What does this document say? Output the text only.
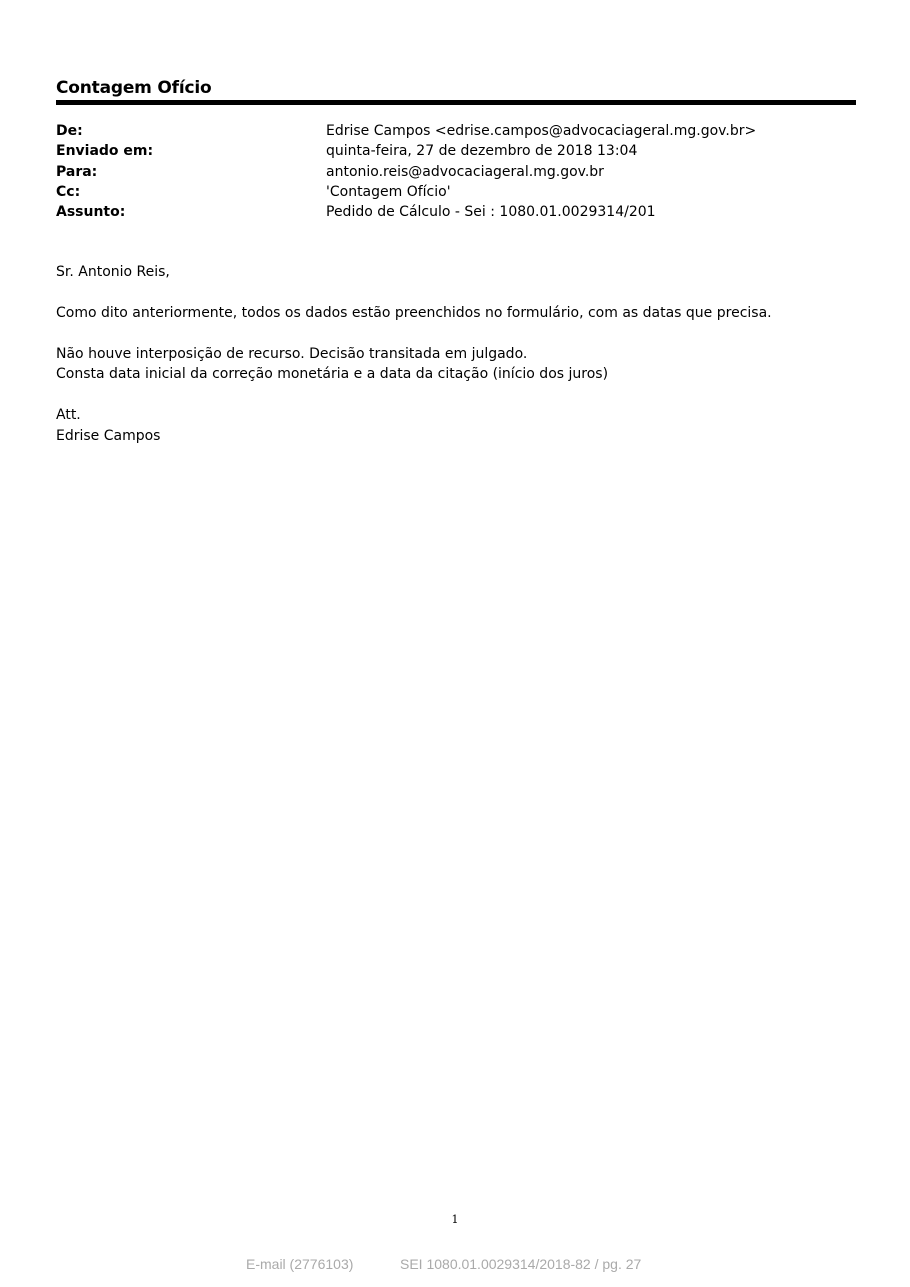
Contagem Ofício
De:	Edrise Campos <edrise.campos@advocaciageral.mg.gov.br>
Enviado em:	quinta-feira, 27 de dezembro de 2018 13:04
Para:	antonio.reis@advocaciageral.mg.gov.br
Cc:	'Contagem Ofício'
Assunto:	Pedido de Cálculo - Sei : 1080.01.0029314/201
Sr. Antonio Reis,
Como dito anteriormente, todos os dados estão preenchidos no formulário, com as datas que precisa.
Não houve interposição de recurso. Decisão transitada em julgado.
Consta data inicial da correção monetária e a data da citação (início dos juros)
Att.
Edrise Campos
1
E-mail (2776103)	SEI 1080.01.0029314/2018-82 / pg. 27
